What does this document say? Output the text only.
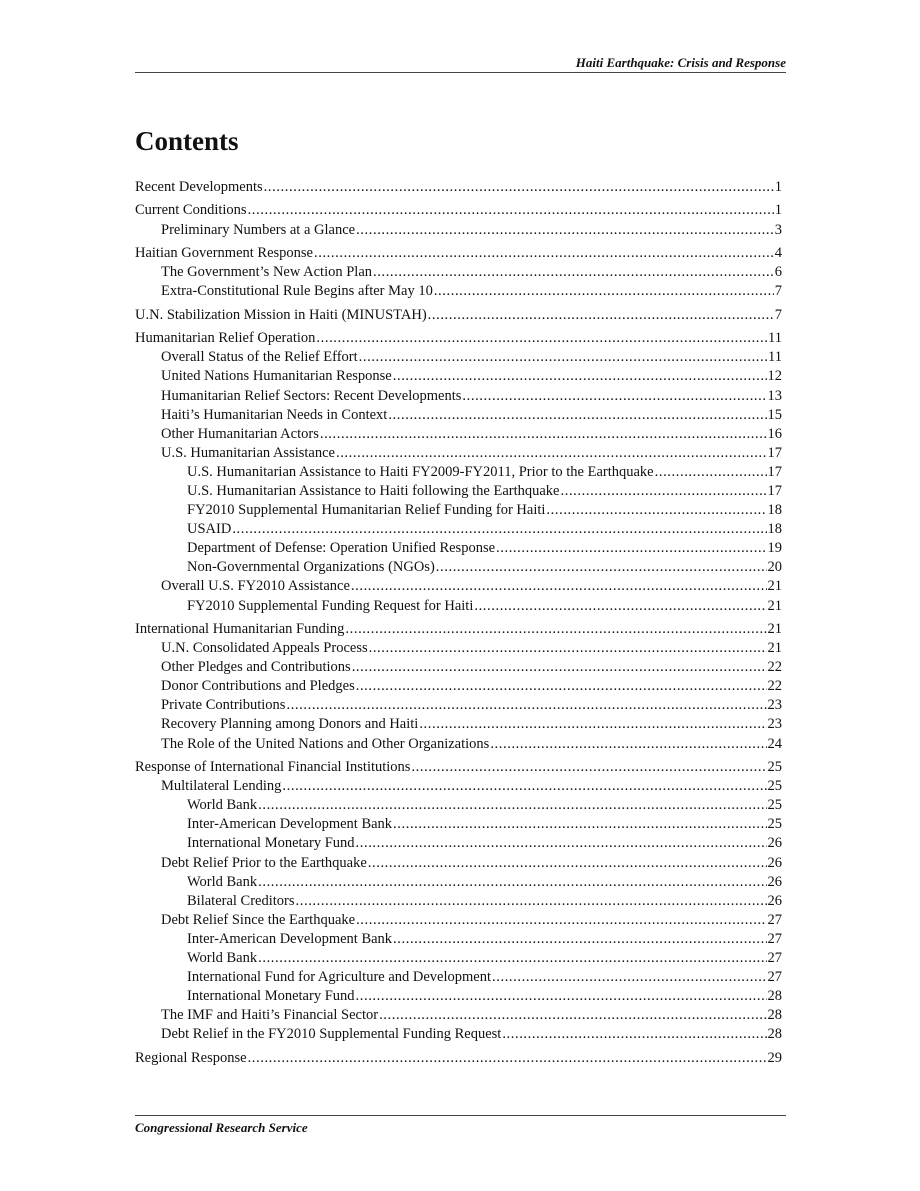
Haiti Earthquake: Crisis and Response
Contents
Recent Developments .....	1
Current Conditions .....	1
Preliminary Numbers at a Glance .....	3
Haitian Government Response .....	4
The Government’s New Action Plan .....	6
Extra-Constitutional Rule Begins after May 10 .....	7
U.N. Stabilization Mission in Haiti (MINUSTAH) .....	7
Humanitarian Relief Operation .....	11
Overall Status of the Relief Effort .....	11
United Nations Humanitarian Response .....	12
Humanitarian Relief Sectors: Recent Developments .....	13
Haiti’s Humanitarian Needs in Context .....	15
Other Humanitarian Actors .....	16
U.S. Humanitarian Assistance .....	17
U.S. Humanitarian Assistance to Haiti FY2009-FY2011, Prior to the Earthquake .....	17
U.S. Humanitarian Assistance to Haiti following the Earthquake .....	17
FY2010 Supplemental Humanitarian Relief Funding for Haiti .....	18
USAID .....	18
Department of Defense: Operation Unified Response .....	19
Non-Governmental Organizations (NGOs) .....	20
Overall U.S. FY2010 Assistance .....	21
FY2010 Supplemental Funding Request for Haiti .....	21
International Humanitarian Funding .....	21
U.N. Consolidated Appeals Process .....	21
Other Pledges and Contributions .....	22
Donor Contributions and Pledges .....	22
Private Contributions .....	23
Recovery Planning among Donors and Haiti .....	23
The Role of the United Nations and Other Organizations .....	24
Response of International Financial Institutions .....	25
Multilateral Lending .....	25
World Bank .....	25
Inter-American Development Bank .....	25
International Monetary Fund .....	26
Debt Relief Prior to the Earthquake .....	26
World Bank .....	26
Bilateral Creditors .....	26
Debt Relief Since the Earthquake .....	27
Inter-American Development Bank .....	27
World Bank .....	27
International Fund for Agriculture and Development .....	27
International Monetary Fund .....	28
The IMF and Haiti’s Financial Sector .....	28
Debt Relief in the FY2010 Supplemental Funding Request .....	28
Regional Response .....	29
Congressional Research Service
